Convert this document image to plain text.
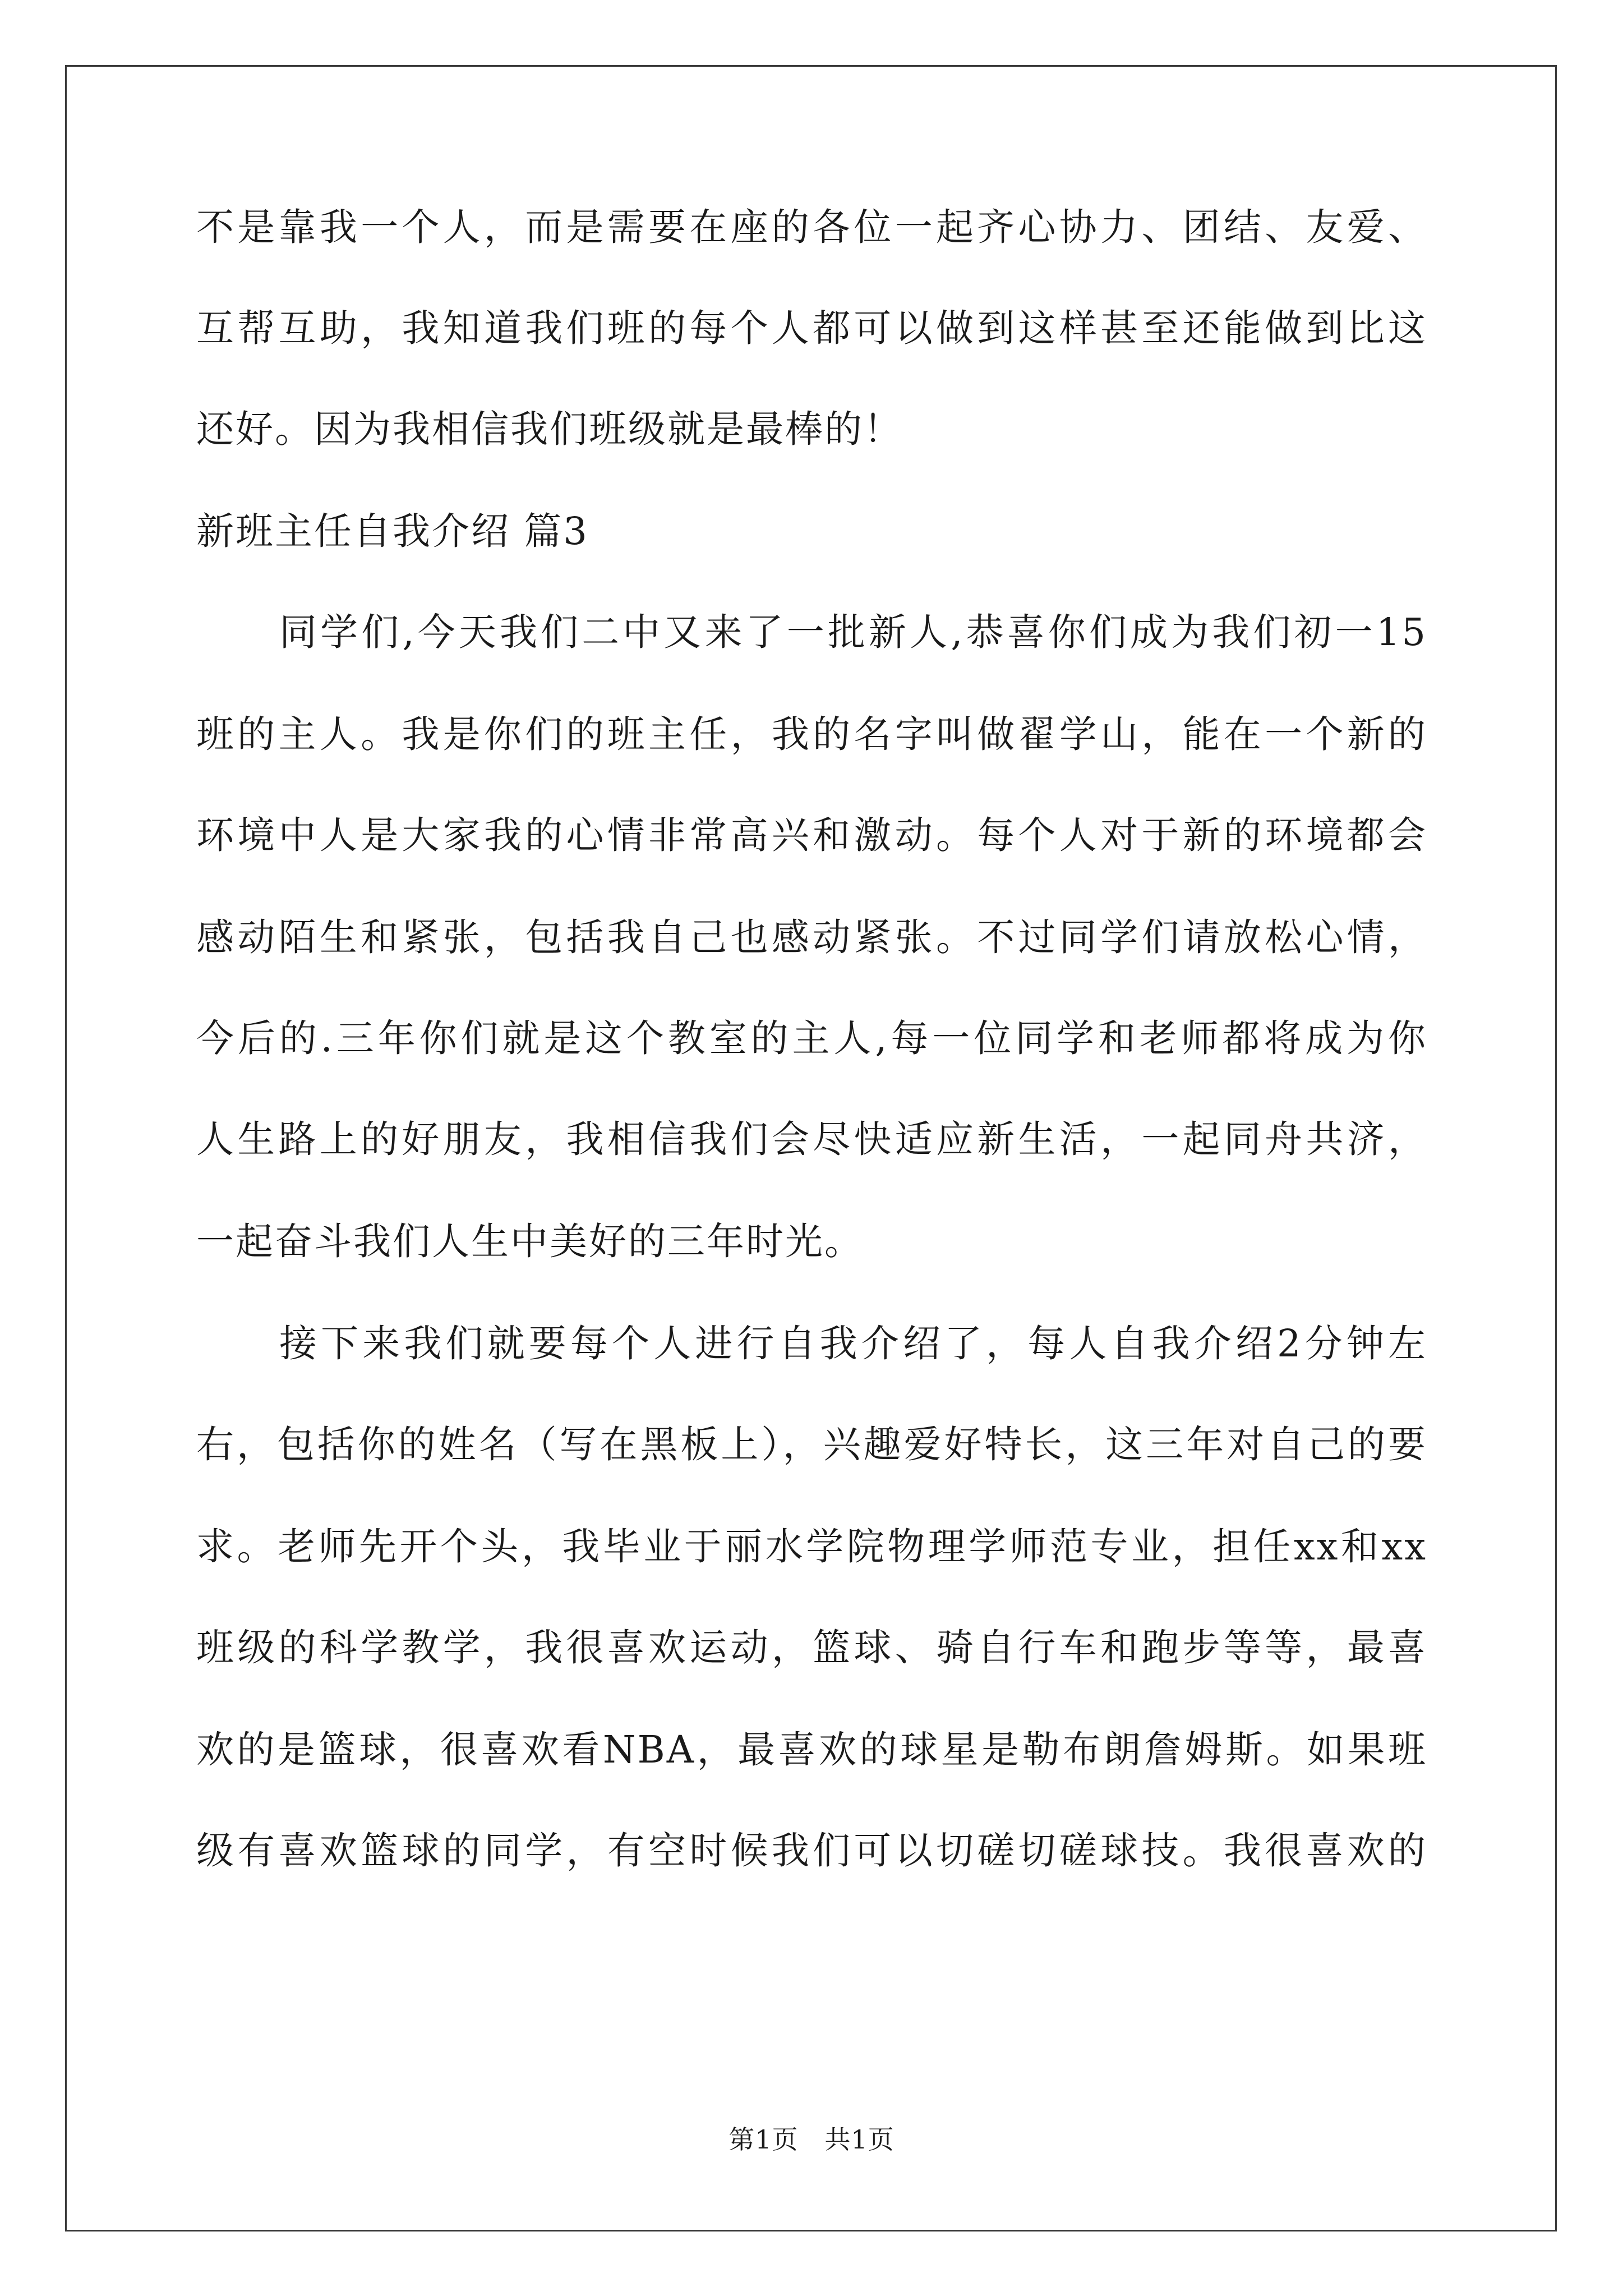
不是靠我一个人，而是需要在座的各位一起齐心协力、团结、友爱、
互帮互助，我知道我们班的每个人都可以做到这样甚至还能做到比这
还好。因为我相信我们班级就是最棒的！
新班主任自我介绍 篇3
同学们,今天我们二中又来了一批新人,恭喜你们成为我们初一15
班的主人。我是你们的班主任，我的名字叫做翟学山，能在一个新的
环境中人是大家我的心情非常高兴和激动。每个人对于新的环境都会
感动陌生和紧张，包括我自己也感动紧张。不过同学们请放松心情，
今后的.三年你们就是这个教室的主人,每一位同学和老师都将成为你
人生路上的好朋友，我相信我们会尽快适应新生活，一起同舟共济，
一起奋斗我们人生中美好的三年时光。
接下来我们就要每个人进行自我介绍了，每人自我介绍2分钟左
右，包括你的姓名（写在黑板上），兴趣爱好特长，这三年对自己的要
求。老师先开个头，我毕业于丽水学院物理学师范专业，担任xx和xx
班级的科学教学，我很喜欢运动，篮球、骑自行车和跑步等等，最喜
欢的是篮球，很喜欢看NBA，最喜欢的球星是勒布朗詹姆斯。如果班
级有喜欢篮球的同学，有空时候我们可以切磋切磋球技。我很喜欢的
第1页   共1页
